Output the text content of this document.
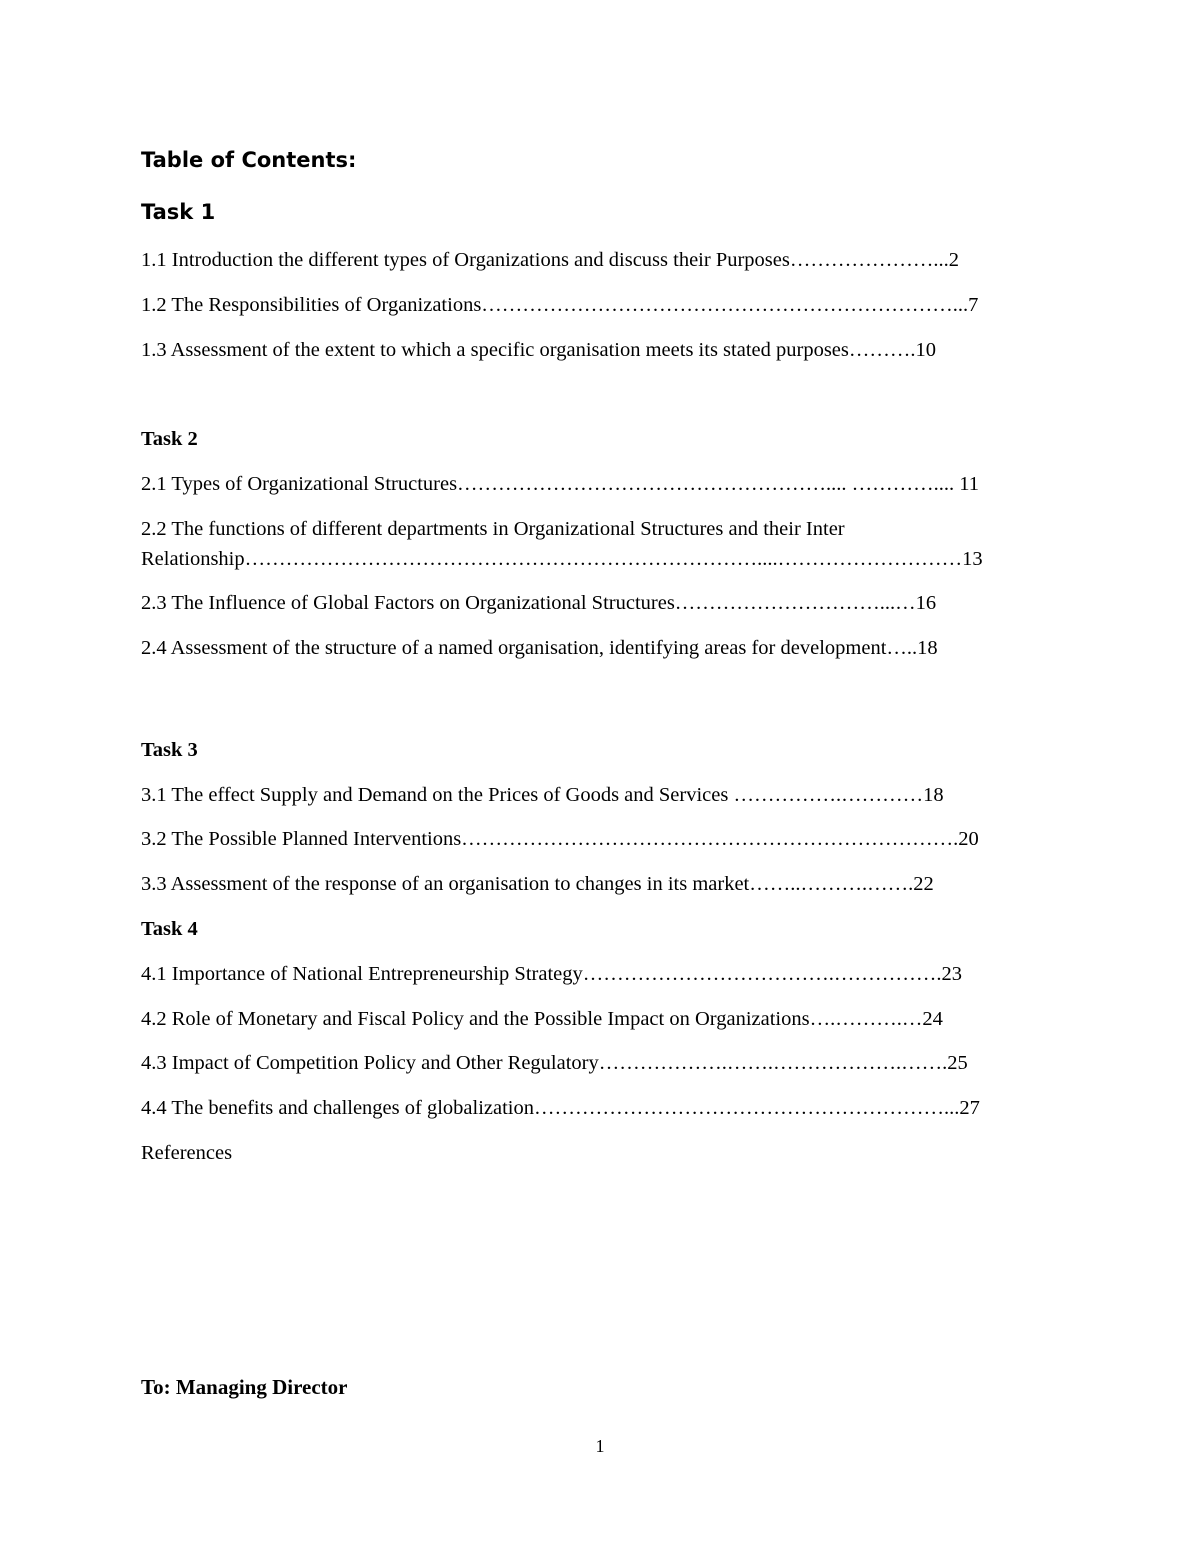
Table of Contents:
Task 1

1.1 Introduction the different types of Organizations and discuss their Purposes…………………...2

1.2 The Responsibilities of Organizations……………………………………………………………...7

1.3 Assessment of the extent to which a specific organisation meets its stated purposes……….10

Task 2

2.1 Types of Organizational Structures……………………………………………….... ………….... 11

2.2 The functions of different departments in Organizational Structures and their Inter

Relationship…………………………………………………………………....………………………13

2.3 The Influence of Global Factors on Organizational Structures…………………………...…16

2.4 Assessment of the structure of a named organisation, identifying areas for development…..18

Task 3

3.1 The effect Supply and Demand on the Prices of Goods and Services …………….…………18

3.2 The Possible Planned Interventions……………………………………………………………….20

3.3 Assessment of the response of an organisation to changes in its market……..……….…….22

Task 4

4.1 Importance of National Entrepreneurship Strategy……………………………….…………….23

4.2 Role of Monetary and Fiscal Policy and the Possible Impact on Organizations….……….…24

4.3 Impact of Competition Policy and Other Regulatory……………….…….……………….…….25

4.4 The benefits and challenges of globalization……………………………………………………...27

References

To: Managing Director

1
